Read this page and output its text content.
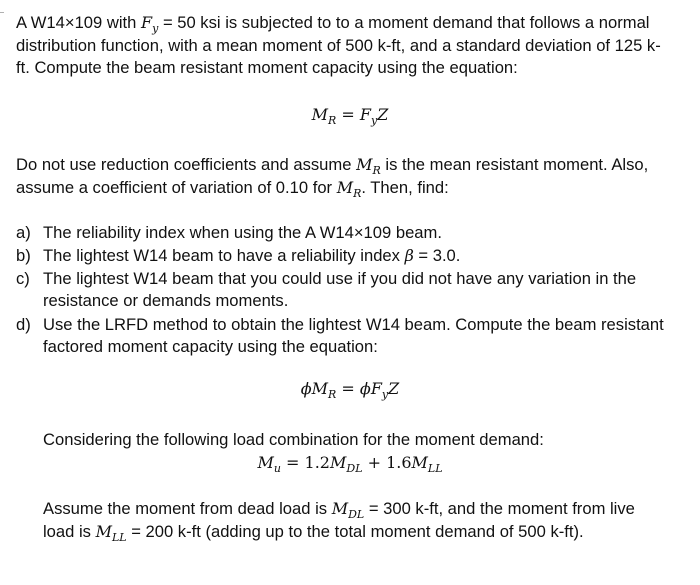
A W14×109 with $F_y = 50$ ksi is subjected to to a moment demand that follows a normal

distribution function, with a mean moment of 500 k-ft, and a standard deviation of 125 k-

ft. Compute the beam resistant moment capacity using the equation:

$M_R = F_yZ$

Do not use reduction coefficients and assume $M_R$ is the mean resistant moment. Also,

assume a coefficient of variation of 0.10 for $M_R$. Then, find:

a) The reliability index when using the A W14×109 beam.
b) The lightest W14 beam to have a reliability index β = 3.0.
c) The lightest W14 beam that you could use if you did not have any variation in the
resistance or demands moments.
d) Use the LRFD method to obtain the lightest W14 beam. Compute the beam resistant
factored moment capacity using the equation:
$\phi M_R = \phi F_yZ$
Considering the following load combination for the moment demand:
$M_u = 1.2M_{DL} + 1.6M_{LL}$
Assume the moment from dead load is $M_{DL} = 300$ k-ft, and the moment from live
load is $M_{LL} = 200$ k-ft (adding up to the total moment demand of 500 k-ft).
